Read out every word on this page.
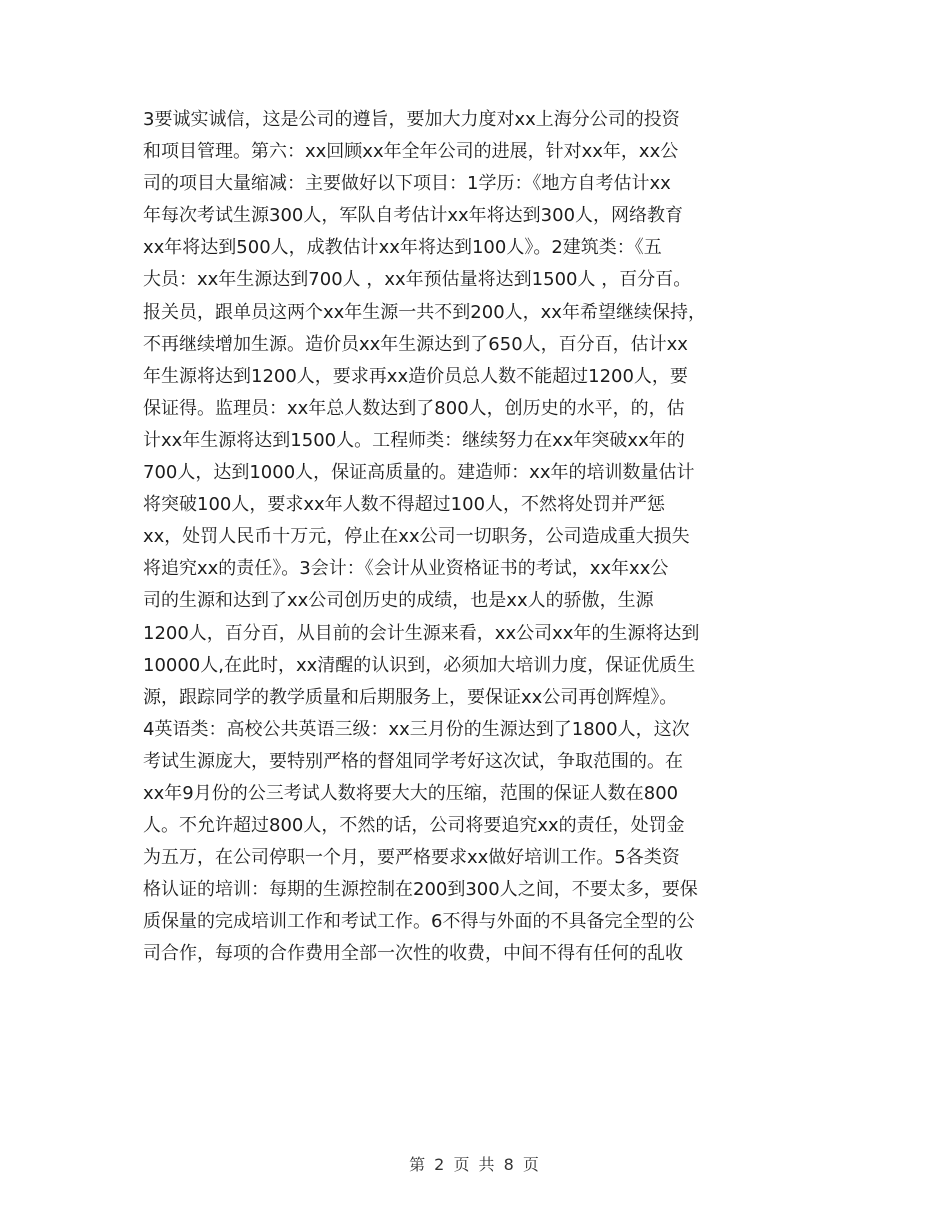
3要诚实诚信，这是公司的遵旨，要加大力度对xx上海分公司的投资
和项目管理。第六：xx回顾xx年全年公司的进展，针对xx年，xx公
司的项目大量缩减：主要做好以下项目：1学历：《地方自考估计xx
年每次考试生源300人，军队自考估计xx年将达到300人，网络教育
xx年将达到500人，成教估计xx年将达到100人》。2建筑类：《五
大员：xx年生源达到700人 ，xx年预估量将达到1500人 ，百分百。
报关员，跟单员这两个xx年生源一共不到200人，xx年希望继续保持，
不再继续增加生源。造价员xx年生源达到了650人，百分百，估计xx
年生源将达到1200人，要求再xx造价员总人数不能超过1200人，要
保证得。监理员：xx年总人数达到了800人，创历史的水平，的，估
计xx年生源将达到1500人。工程师类：继续努力在xx年突破xx年的
700人，达到1000人，保证高质量的。建造师：xx年的培训数量估计
将突破100人，要求xx年人数不得超过100人，不然将处罚并严惩
xx，处罚人民币十万元，停止在xx公司一切职务，公司造成重大损失
将追究xx的责任》。3会计：《会计从业资格证书的考试，xx年xx公
司的生源和达到了xx公司创历史的成绩，也是xx人的骄傲，生源
1200人，百分百，从目前的会计生源来看，xx公司xx年的生源将达到
10000人,在此时，xx清醒的认识到，必须加大培训力度，保证优质生
源，跟踪同学的教学质量和后期服务上，要保证xx公司再创辉煌》。
4英语类：高校公共英语三级：xx三月份的生源达到了1800人，这次
考试生源庞大，要特别严格的督俎同学考好这次试，争取范围的。在
xx年9月份的公三考试人数将要大大的压缩，范围的保证人数在800
人。不允许超过800人，不然的话，公司将要追究xx的责任，处罚金
为五万，在公司停职一个月，要严格要求xx做好培训工作。5各类资
格认证的培训：每期的生源控制在200到300人之间，不要太多，要保
质保量的完成培训工作和考试工作。6不得与外面的不具备完全型的公
司合作，每项的合作费用全部一次性的收费，中间不得有任何的乱收
第 2 页 共 8 页
